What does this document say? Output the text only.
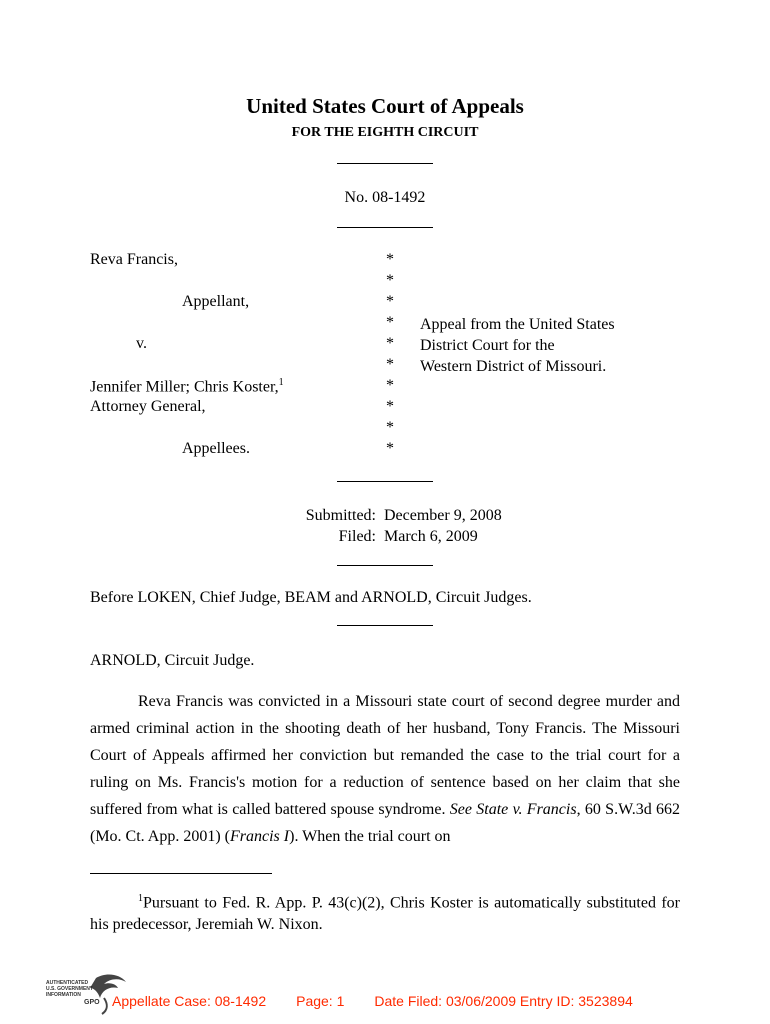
United States Court of Appeals
FOR THE EIGHTH CIRCUIT
No. 08-1492
Reva Francis,
Appellant,
v.
Jennifer Miller; Chris Koster,$^1$
Attorney General,
Appellees.
*
*
*
*
*
*
*
*
*
*
Appeal from the United States
District Court for the
Western District of Missouri.
Submitted: December 9, 2008
Filed: March 6, 2009
Before LOKEN, Chief Judge, BEAM and ARNOLD, Circuit Judges.
ARNOLD, Circuit Judge.
Reva Francis was convicted in a Missouri state court of second degree murder and armed criminal action in the shooting death of her husband, Tony Francis. The Missouri Court of Appeals affirmed her conviction but remanded the case to the trial court for a ruling on Ms. Francis's motion for a reduction of sentence based on her claim that she suffered from what is called battered spouse syndrome. See State v. Francis, 60 S.W.3d 662 (Mo. Ct. App. 2001) (Francis I). When the trial court on
$^1$Pursuant to Fed. R. App. P. 43(c)(2), Chris Koster is automatically substituted for his predecessor, Jeremiah W. Nixon.
AUTHENTICATED
U.S. GOVERNMENT
INFORMATION
GPO Appellate Case: 08-1492 Page: 1 Date Filed: 03/06/2009 Entry ID: 3523894
